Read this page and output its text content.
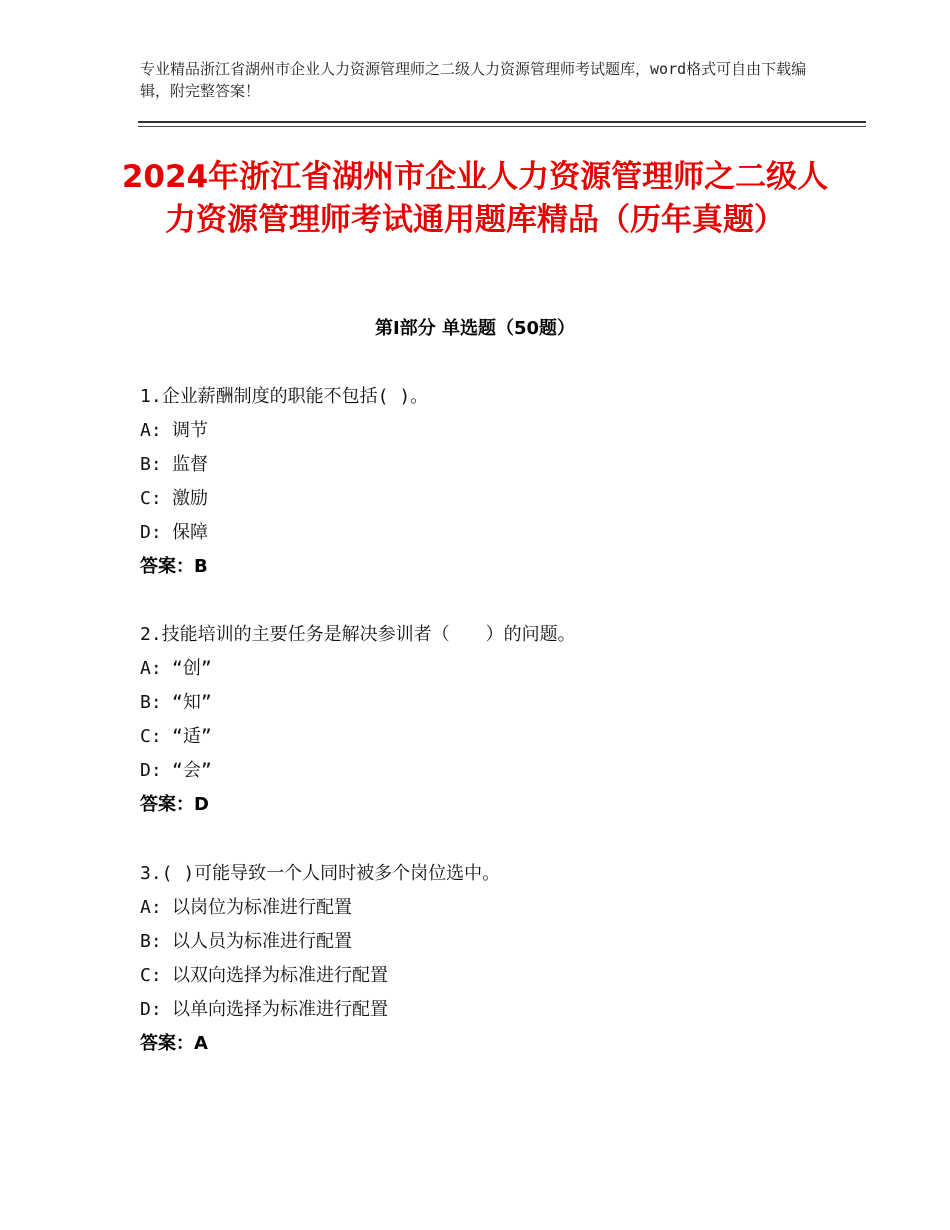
专业精品浙江省湖州市企业人力资源管理师之二级人力资源管理师考试题库，word格式可自由下载编辑，附完整答案！
2024年浙江省湖州市企业人力资源管理师之二级人力资源管理师考试通用题库精品（历年真题）
第Ⅰ部分 单选题（50题）
1.企业薪酬制度的职能不包括( )。
A: 调节
B: 监督
C: 激励
D: 保障
答案：B
2.技能培训的主要任务是解决参训者（　　）的问题。
A: “创”
B: “知”
C: “适”
D: “会”
答案：D
3.( )可能导致一个人同时被多个岗位选中。
A: 以岗位为标准进行配置
B: 以人员为标准进行配置
C: 以双向选择为标准进行配置
D: 以单向选择为标准进行配置
答案：A
